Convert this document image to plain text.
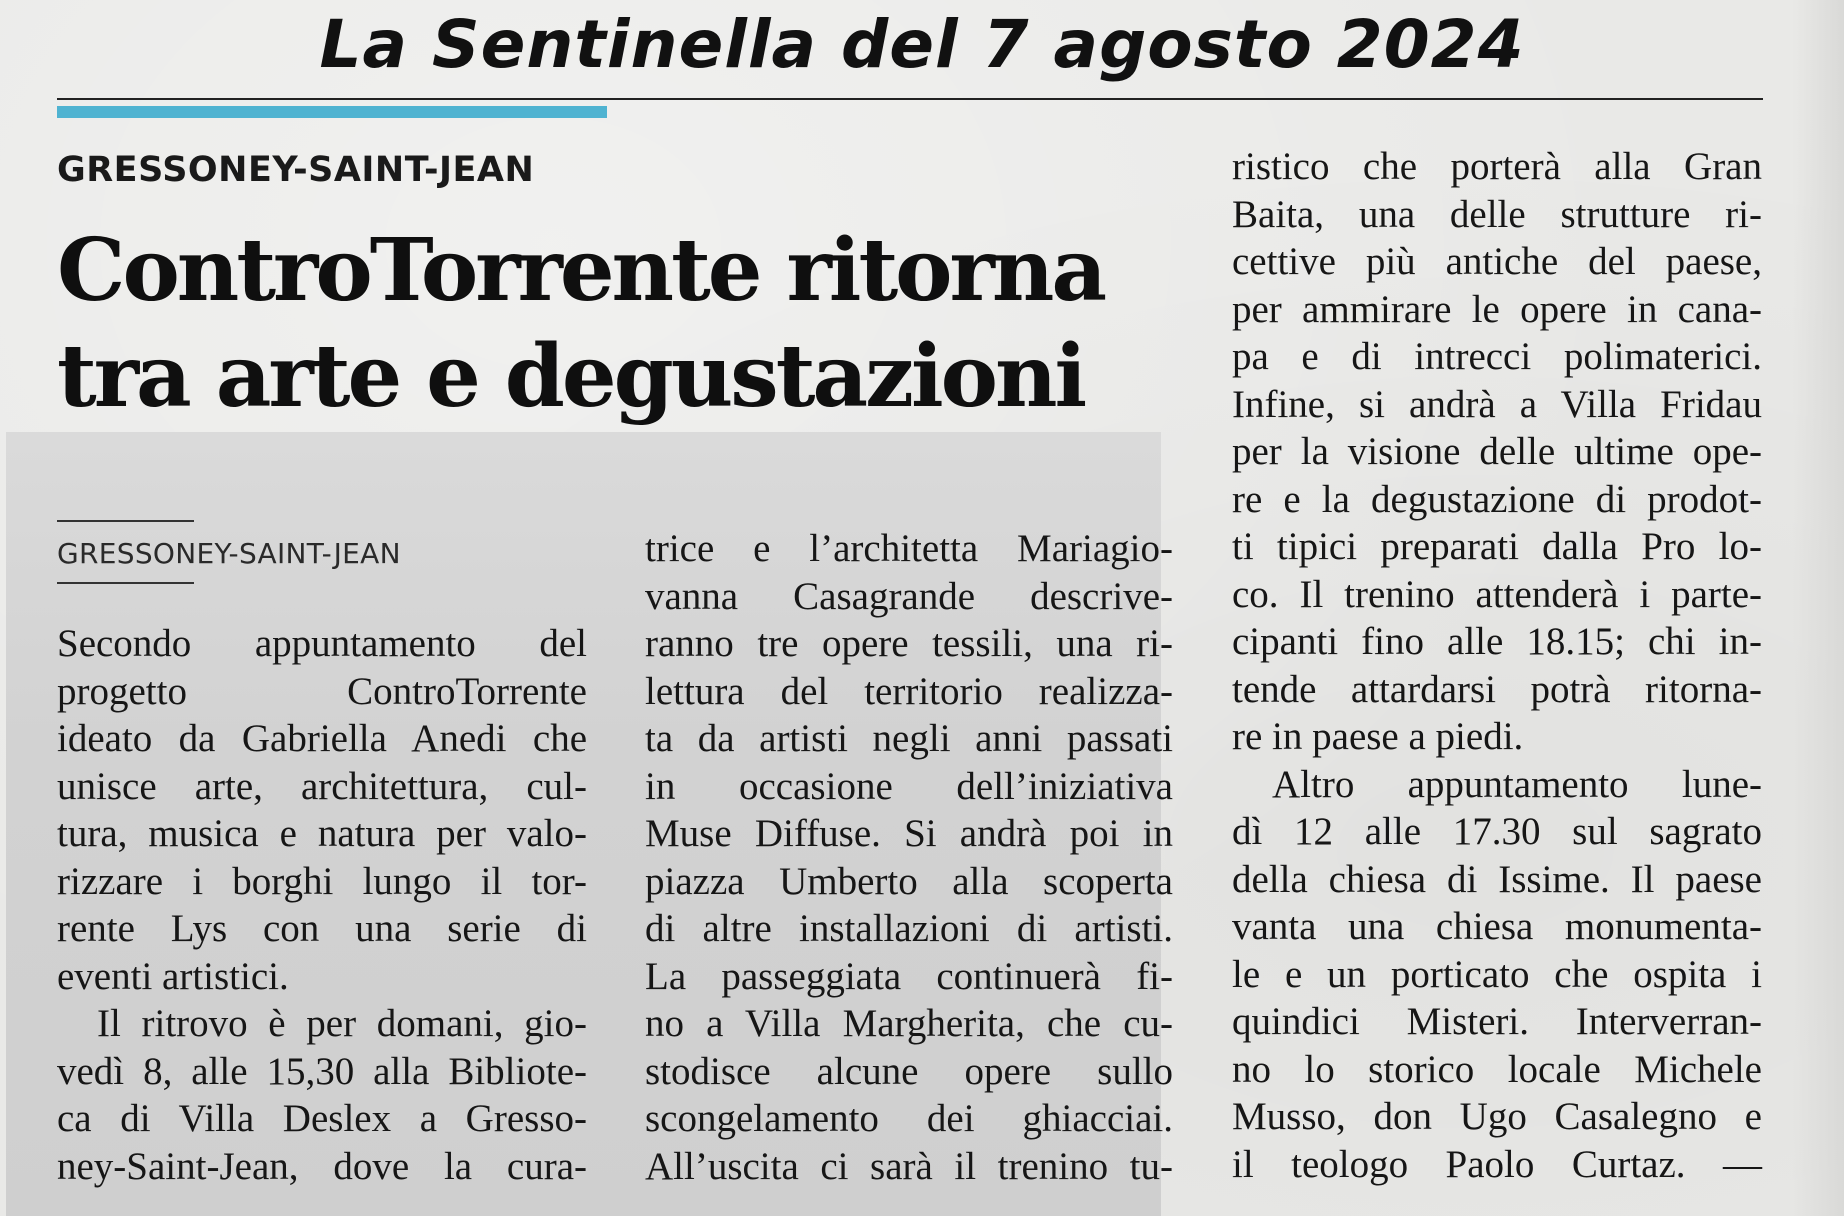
La Sentinella del 7 agosto 2024

GRESSONEY-SAINT-JEAN

ControTorrente ritorna
tra arte e degustazioni

GRESSONEY-SAINT-JEAN

Secondo appuntamento del
progetto ControTorrente
ideato da Gabriella Anedi che
unisce arte, architettura, cul-
tura, musica e natura per valo-
rizzare i borghi lungo il tor-
rente Lys con una serie di
eventi artistici.
Il ritrovo è per domani, gio-
vedì 8, alle 15,30 alla Bibliote-
ca di Villa Deslex a Gresso-
ney-Saint-Jean, dove la cura-
trice e l’architetta Mariagio-
vanna Casagrande descrive-
ranno tre opere tessili, una ri-
lettura del territorio realizza-
ta da artisti negli anni passati
in occasione dell’iniziativa
Muse Diffuse. Si andrà poi in
piazza Umberto alla scoperta
di altre installazioni di artisti.
La passeggiata continuerà fi-
no a Villa Margherita, che cu-
stodisce alcune opere sullo
scongelamento dei ghiacciai.
All’uscita ci sarà il trenino tu-
ristico che porterà alla Gran
Baita, una delle strutture ri-
cettive più antiche del paese,
per ammirare le opere in cana-
pa e di intrecci polimaterici.
Infine, si andrà a Villa Fridau
per la visione delle ultime ope-
re e la degustazione di prodot-
ti tipici preparati dalla Pro lo-
co. Il trenino attenderà i parte-
cipanti fino alle 18.15; chi in-
tende attardarsi potrà ritorna-
re in paese a piedi.
Altro appuntamento lune-
dì 12 alle 17.30 sul sagrato
della chiesa di Issime. Il paese
vanta una chiesa monumenta-
le e un porticato che ospita i
quindici Misteri. Interverran-
no lo storico locale Michele
Musso, don Ugo Casalegno e
il teologo Paolo Curtaz. —
